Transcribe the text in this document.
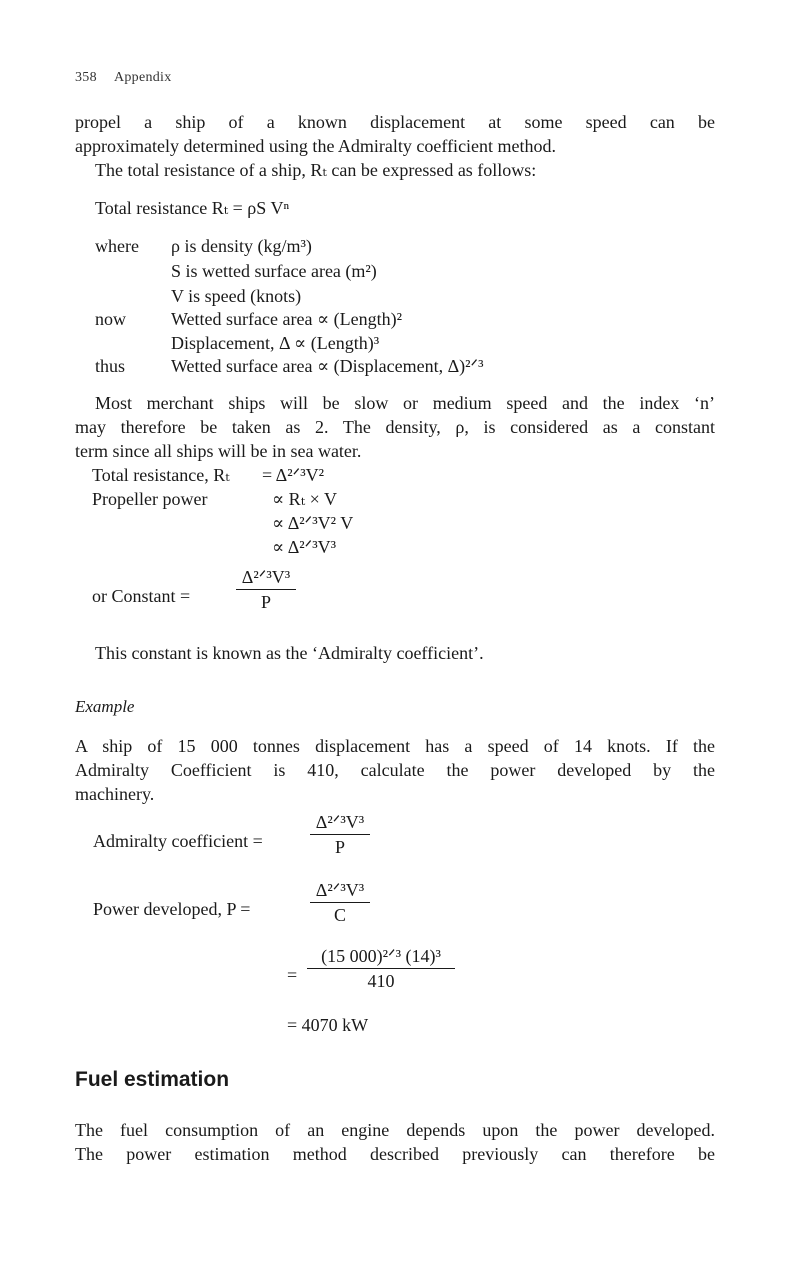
358 Appendix
propel a ship of a known displacement at some speed can be
approximately determined using the Admiralty coefficient method.
The total resistance of a ship, Rₜ can be expressed as follows:
Total resistance Rₜ = ρS Vⁿ
where ρ is density (kg/m³)
S is wetted surface area (m²)
V is speed (knots)
now	Wetted surface area ∝ (Length)²
Displacement, Δ ∝ (Length)³
thus	Wetted surface area ∝ (Displacement, Δ)²ᐟ³
Most merchant ships will be slow or medium speed and the index ‘n’
may therefore be taken as 2. The density, ρ, is considered as a constant
term since all ships will be in sea water.
Total resistance, Rₜ = Δ²ᐟ³V²
Propeller power	∝ Rₜ × V
∝ Δ²ᐟ³V² V
∝ Δ²ᐟ³V³
or Constant =
Δ²ᐟ³V³
P
This constant is known as the ‘Admiralty coefficient’.
Example
A ship of 15 000 tonnes displacement has a speed of 14 knots. If the
Admiralty Coefficient is 410, calculate the power developed by the
machinery.
Admiralty coefficient =
Δ²ᐟ³V³
P
Power developed, P =
Δ²ᐟ³V³
C
=
(15 000)²ᐟ³ (14)³
410
= 4070 kW
Fuel estimation
The fuel consumption of an engine depends upon the power developed.
The power estimation method described previously can therefore be
